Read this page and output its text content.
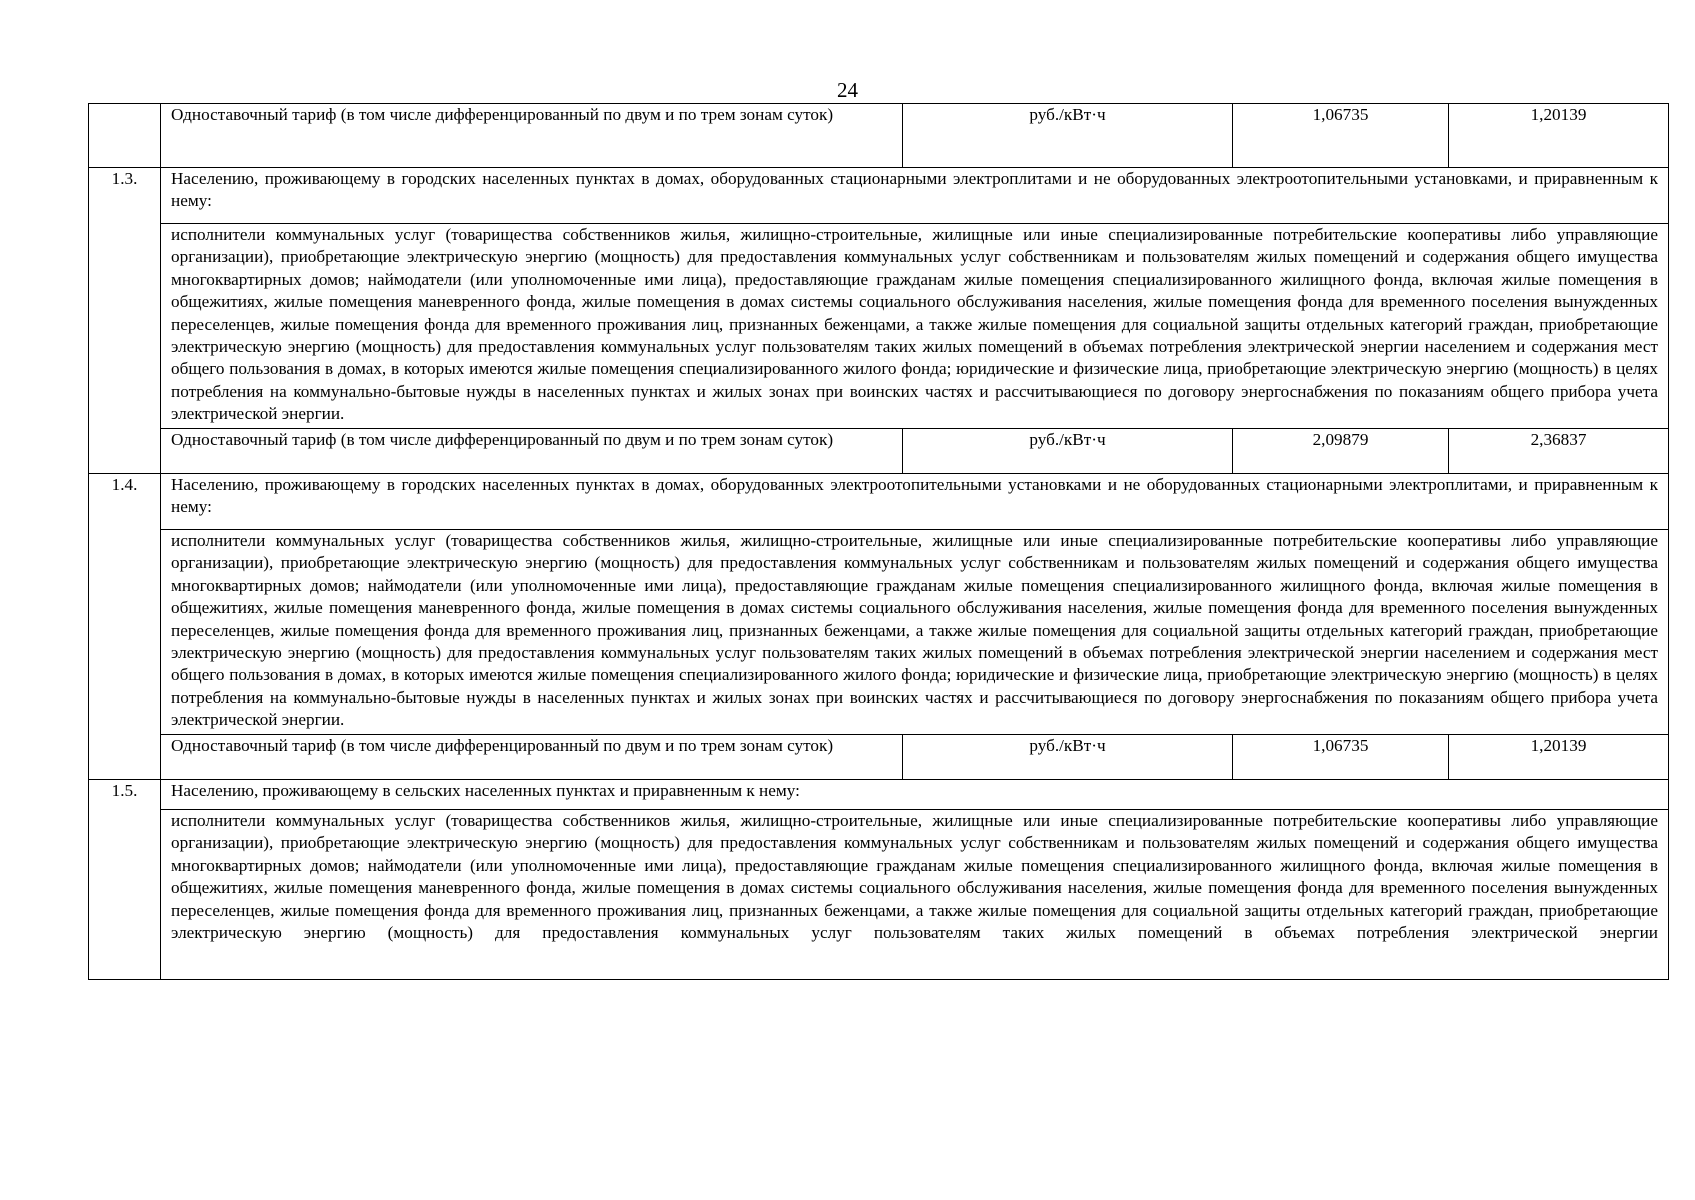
24
	Одноставочный тариф (в том числе дифференцированный по двум и по трем зонам суток)	руб./кВт·ч	1,06735	1,20139
1.3.	Населению, проживающему в городских населенных пунктах в домах, оборудованных стационарными электроплитами и не оборудованных электроотопительными установками, и приравненным к нему:			
	исполнители коммунальных услуг (товарищества собственников жилья, жилищно-строительные, жилищные или иные специализированные потребительские кооперативы либо управляющие организации), приобретающие электрическую энергию (мощность) для предоставления коммунальных услуг собственникам и пользователям жилых помещений и содержания общего имущества многоквартирных домов; наймодатели (или уполномоченные ими лица), предоставляющие гражданам жилые помещения специализированного жилищного фонда, включая жилые помещения в общежитиях, жилые помещения маневренного фонда, жилые помещения в домах системы социального обслуживания населения, жилые помещения фонда для временного поселения вынужденных переселенцев, жилые помещения фонда для временного проживания лиц, признанных беженцами, а также жилые помещения для социальной защиты отдельных категорий граждан, приобретающие электрическую энергию (мощность) для предоставления коммунальных услуг пользователям таких жилых помещений в объемах потребления электрической энергии населением и содержания мест общего пользования в домах, в которых имеются жилые помещения специализированного жилого фонда; юридические и физические лица, приобретающие электрическую энергию (мощность) в целях потребления на коммунально-бытовые нужды в населенных пунктах и жилых зонах при воинских частях и рассчитывающиеся по договору энергоснабжения по показаниям общего прибора учета электрической энергии.			
	Одноставочный тариф (в том числе дифференцированный по двум и по трем зонам суток)	руб./кВт·ч	2,09879	2,36837
1.4.	Населению, проживающему в городских населенных пунктах в домах, оборудованных электроотопительными установками и не оборудованных стационарными электроплитами, и приравненным к нему:			
	исполнители коммунальных услуг (товарищества собственников жилья, жилищно-строительные, жилищные или иные специализированные потребительские кооперативы либо управляющие организации), приобретающие электрическую энергию (мощность) для предоставления коммунальных услуг собственникам и пользователям жилых помещений и содержания общего имущества многоквартирных домов; наймодатели (или уполномоченные ими лица), предоставляющие гражданам жилые помещения специализированного жилищного фонда, включая жилые помещения в общежитиях, жилые помещения маневренного фонда, жилые помещения в домах системы социального обслуживания населения, жилые помещения фонда для временного поселения вынужденных переселенцев, жилые помещения фонда для временного проживания лиц, признанных беженцами, а также жилые помещения для социальной защиты отдельных категорий граждан, приобретающие электрическую энергию (мощность) для предоставления коммунальных услуг пользователям таких жилых помещений в объемах потребления электрической энергии населением и содержания мест общего пользования в домах, в которых имеются жилые помещения специализированного жилого фонда; юридические и физические лица, приобретающие электрическую энергию (мощность) в целях потребления на коммунально-бытовые нужды в населенных пунктах и жилых зонах при воинских частях и рассчитывающиеся по договору энергоснабжения по показаниям общего прибора учета электрической энергии.			
	Одноставочный тариф (в том числе дифференцированный по двум и по трем зонам суток)	руб./кВт·ч	1,06735	1,20139
1.5.	Населению, проживающему в сельских населенных пунктах и приравненным к нему:			
	исполнители коммунальных услуг (товарищества собственников жилья, жилищно-строительные, жилищные или иные специализированные потребительские кооперативы либо управляющие организации), приобретающие электрическую энергию (мощность) для предоставления коммунальных услуг собственникам и пользователям жилых помещений и содержания общего имущества многоквартирных домов; наймодатели (или уполномоченные ими лица), предоставляющие гражданам жилые помещения специализированного жилищного фонда, включая жилые помещения в общежитиях, жилые помещения маневренного фонда, жилые помещения в домах системы социального обслуживания населения, жилые помещения фонда для временного поселения вынужденных переселенцев, жилые помещения фонда для временного проживания лиц, признанных беженцами, а также жилые помещения для социальной защиты отдельных категорий граждан, приобретающие электрическую энергию (мощность) для предоставления коммунальных услуг пользователям таких жилых помещений в объемах потребления электрической энергии			
